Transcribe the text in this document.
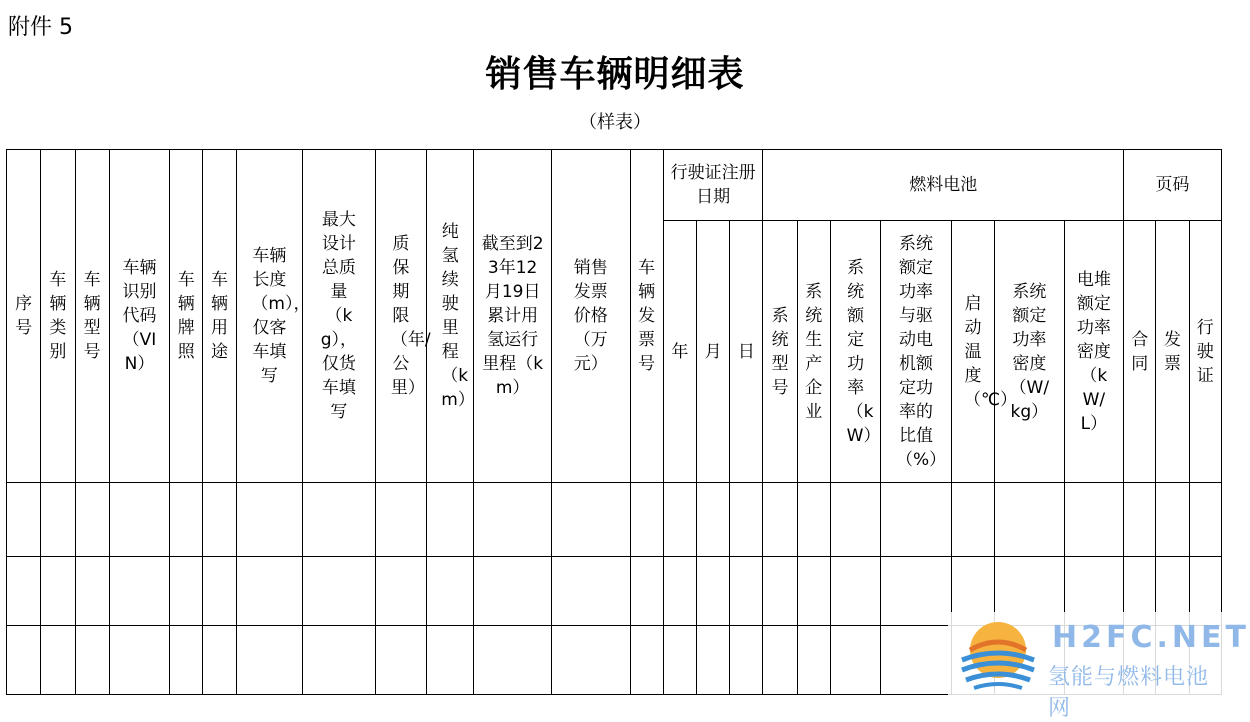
附件 5
销售车辆明细表
（样表）
序号	车辆类别	车辆型号	车辆识别代码（VIN）	车辆牌照	车辆用途	车辆长度（m），仅客车填写	最大设计总质量（kg），仅货车填写	质保期限（年/公里）	纯氢续驶里程（km）	截至到23年12月19日累计用氢运行里程（km）	销售发票价格（万元）	车辆发票号	行驶证注册日期			燃料电池							页码		
													年	月	日	系统型号	系统生产企业	系统额定功率（kW）	系统额定功率与驱动电机额定功率的比值（%）	启动温度（℃）	系统额定功率密度（W/kg）	电堆额定功率密度（kW/L）	合同	发票	行驶证

H2FC.NET
氢能与燃料电池网
